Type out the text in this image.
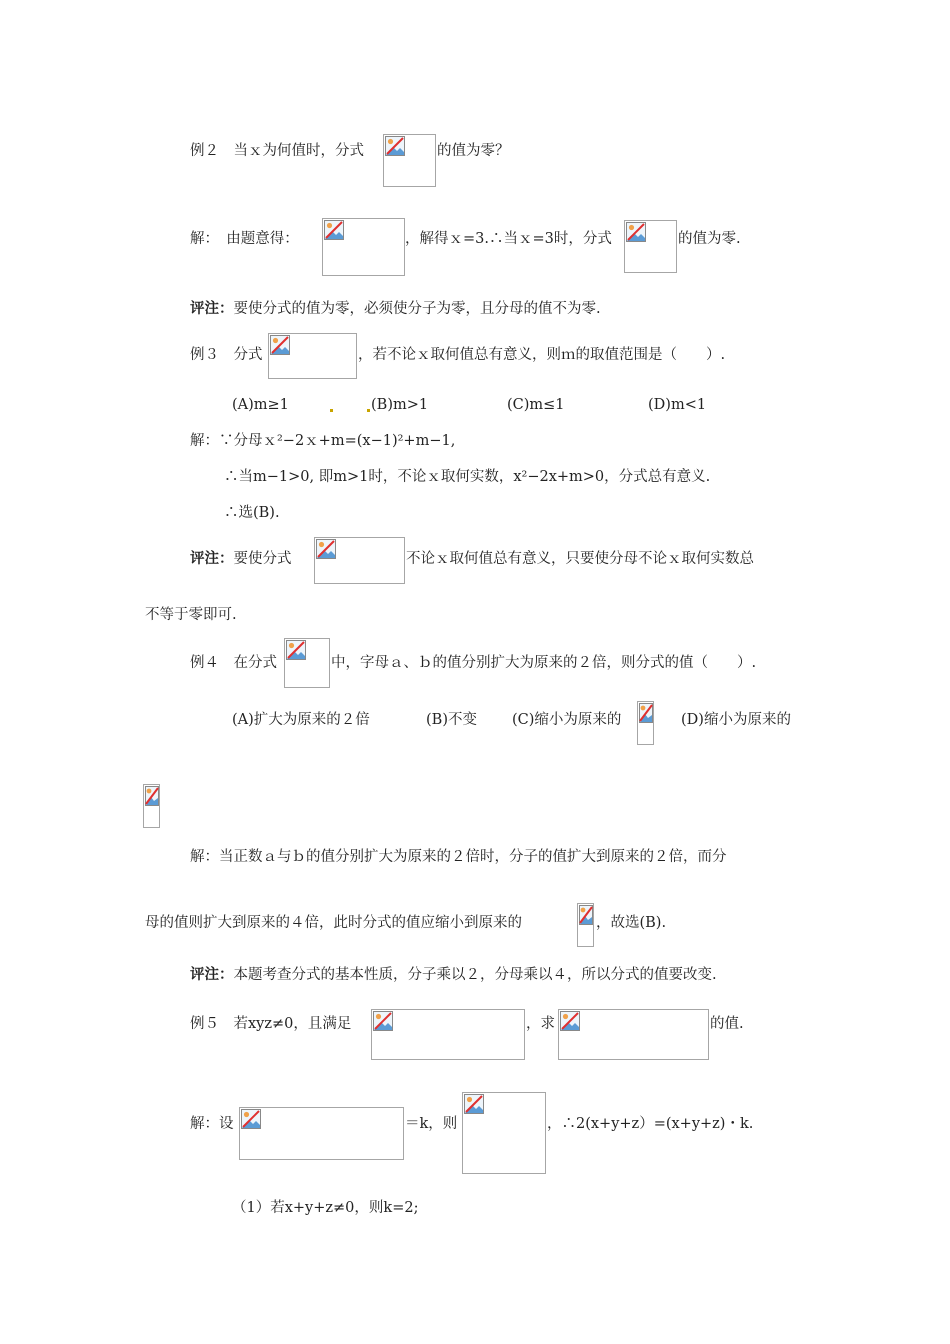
例２　当ｘ为何值时，分式	的值为零？
解：　由题意得：	，解得ｘ=3.∴当ｘ=3时，分式	的值为零.
评注：要使分式的值为零，必须使分子为零，且分母的值不为零.
例３　分式	，若不论ｘ取何值总有意义，则ｍ的取值范围是（　　）.
(A)m≥1	(B)m>1	(C)m≤1	(D)m<1
解：∵分母ｘ²−2ｘ+m=(x−1)²+m−1,
∴当m−1>0, 即m>1时，不论ｘ取何实数，x²−2x+m>0，分式总有意义.
∴选(B).
评注：要使分式	不论ｘ取何值总有意义，只要使分母不论ｘ取何实数总
不等于零即可.
例４　在分式	中，字母ａ、ｂ的值分别扩大为原来的２倍，则分式的值（　　）.
(A)扩大为原来的２倍	(B)不变 (C)缩小为原来的	(D)缩小为原来的
解：当正数ａ与ｂ的值分别扩大为原来的２倍时，分子的值扩大到原来的２倍，而分
母的值则扩大到原来的４倍，此时分式的值应缩小到原来的	，故选(B).
评注：本题考查分式的基本性质，分子乘以２，分母乘以４，所以分式的值要改变.
例５　若xyz≠0，且满足	，求	的值.
解：设	＝k，则	，∴2(x+y+z）=(x+y+z)・k.
（1）若x+y+z≠0，则k=2;
